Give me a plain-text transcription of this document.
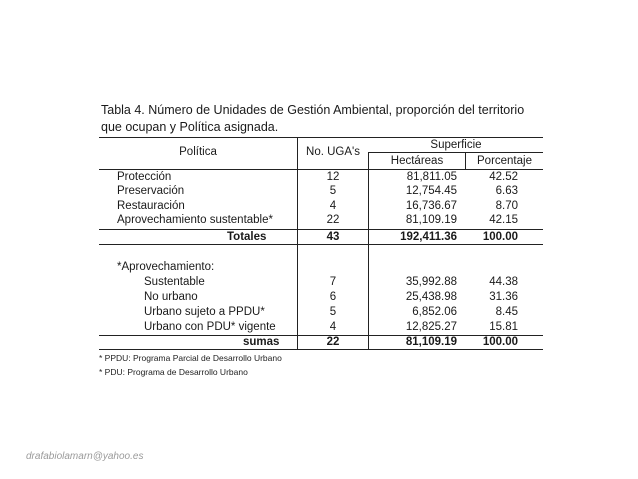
Tabla 4. Número de Unidades de Gestión Ambiental, proporción del territorio
que ocupan y Política asignada.
Política	No. UGA's
Superficie
Hectáreas	Porcentaje
Protección	12	81,811.05	42.52
Preservación	5	12,754.45	6.63
Restauración	4	16,736.67	8.70
Aprovechamiento sustentable*	22	81,109.19	42.15
Totales	43	192,411.36	100.00
*Aprovechamiento:
Sustentable	7	35,992.88	44.38
No urbano	6	25,438.98	31.36
Urbano sujeto a PPDU*	5	6,852.06	8.45
Urbano con PDU* vigente	4	12,825.27	15.81
sumas	22	81,109.19	100.00
* PPDU: Programa Parcial de Desarrollo Urbano
* PDU: Programa de Desarrollo Urbano
drafabiolamarn@yahoo.es
